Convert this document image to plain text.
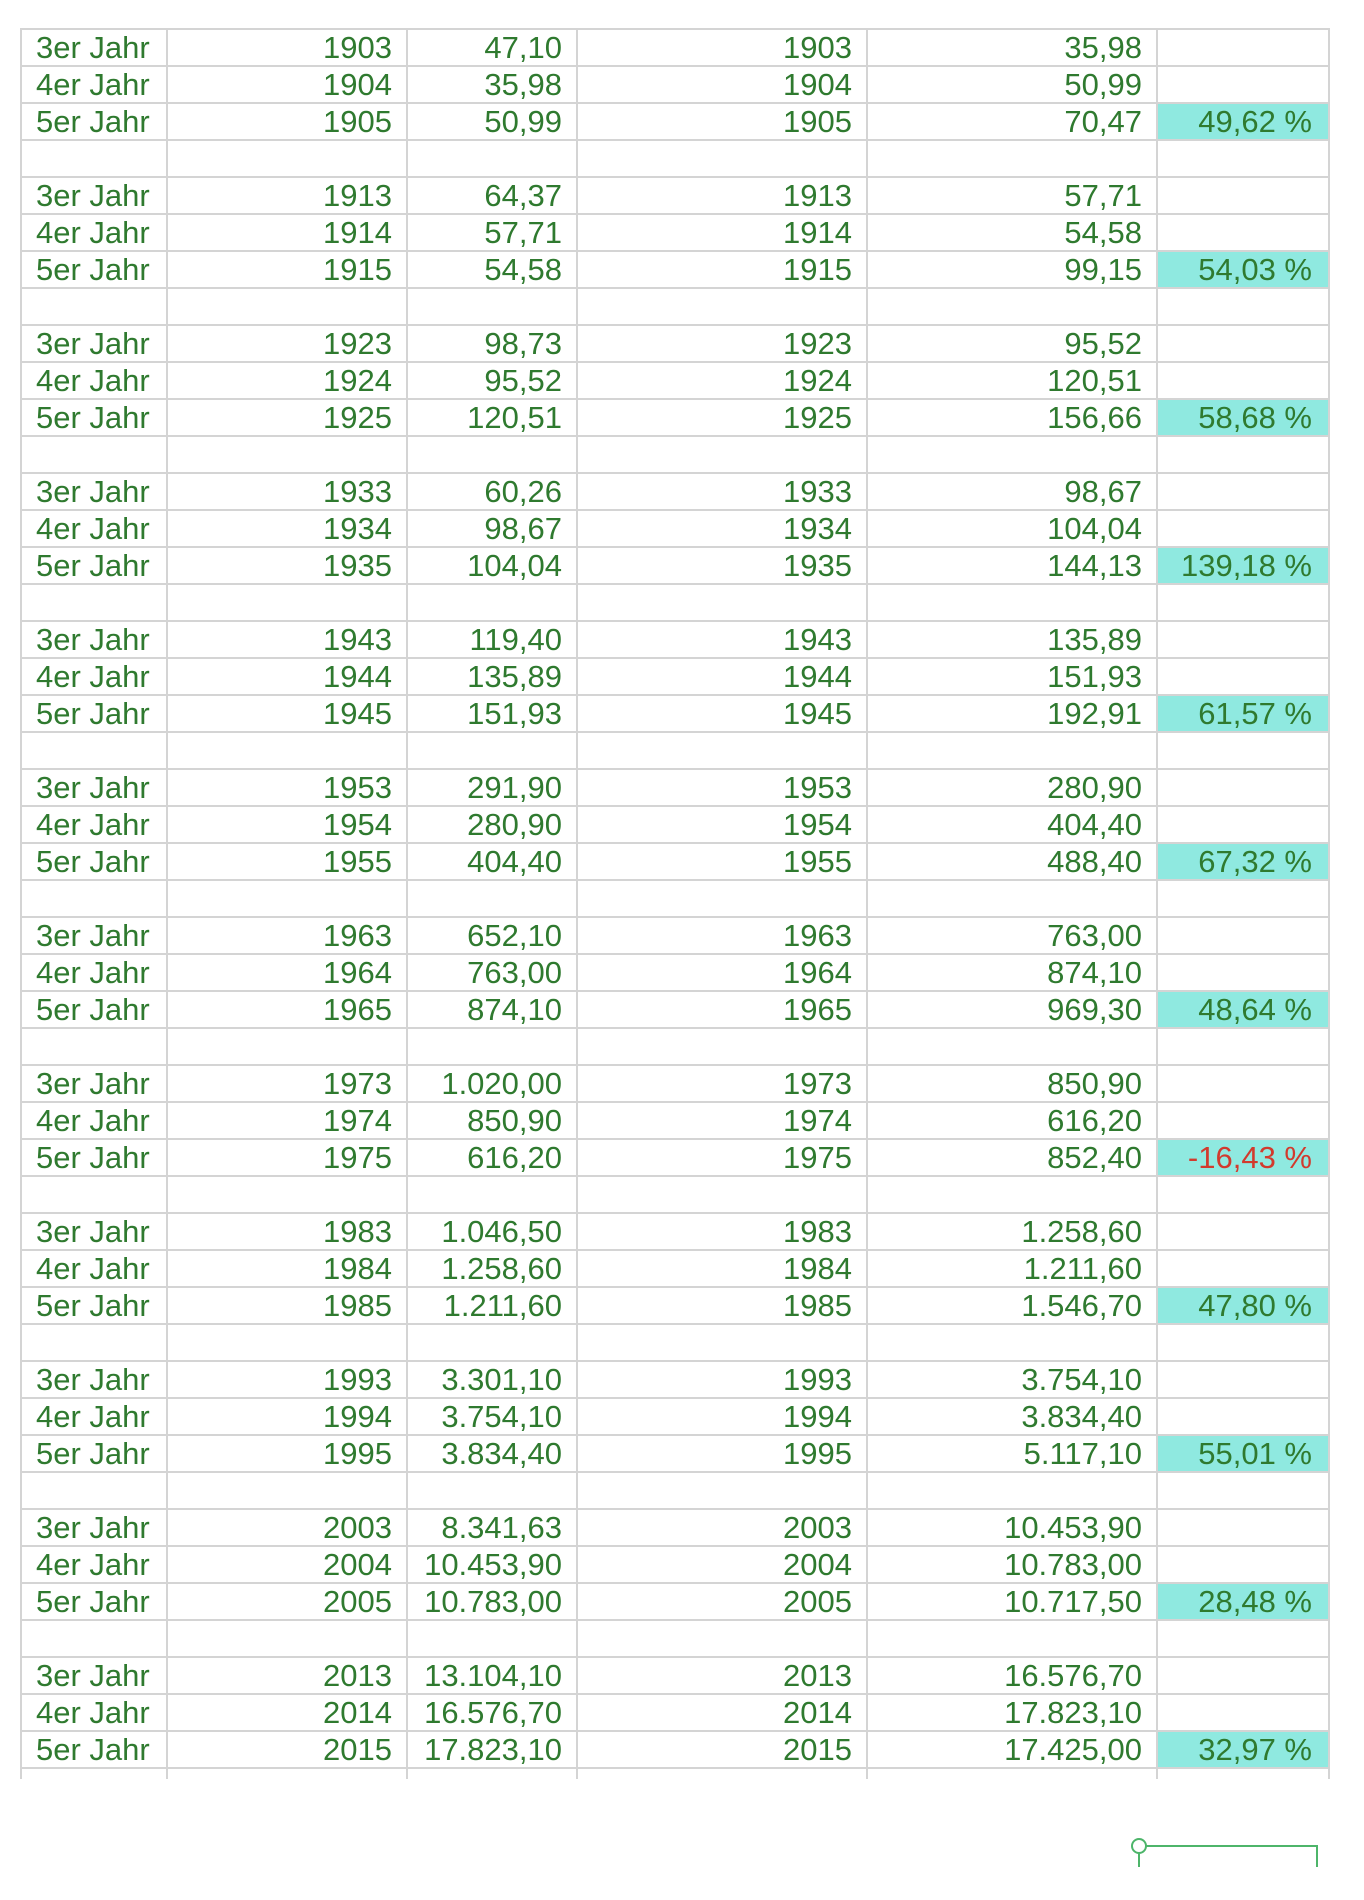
3er Jahr	1903	47,10	1903	35,98	
4er Jahr	1904	35,98	1904	50,99	
5er Jahr	1905	50,99	1905	70,47	49,62 %

3er Jahr	1913	64,37	1913	57,71	
4er Jahr	1914	57,71	1914	54,58	
5er Jahr	1915	54,58	1915	99,15	54,03 %

3er Jahr	1923	98,73	1923	95,52	
4er Jahr	1924	95,52	1924	120,51	
5er Jahr	1925	120,51	1925	156,66	58,68 %

3er Jahr	1933	60,26	1933	98,67	
4er Jahr	1934	98,67	1934	104,04	
5er Jahr	1935	104,04	1935	144,13	139,18 %

3er Jahr	1943	119,40	1943	135,89	
4er Jahr	1944	135,89	1944	151,93	
5er Jahr	1945	151,93	1945	192,91	61,57 %

3er Jahr	1953	291,90	1953	280,90	
4er Jahr	1954	280,90	1954	404,40	
5er Jahr	1955	404,40	1955	488,40	67,32 %

3er Jahr	1963	652,10	1963	763,00	
4er Jahr	1964	763,00	1964	874,10	
5er Jahr	1965	874,10	1965	969,30	48,64 %

3er Jahr	1973	1.020,00	1973	850,90	
4er Jahr	1974	850,90	1974	616,20	
5er Jahr	1975	616,20	1975	852,40	-16,43 %

3er Jahr	1983	1.046,50	1983	1.258,60	
4er Jahr	1984	1.258,60	1984	1.211,60	
5er Jahr	1985	1.211,60	1985	1.546,70	47,80 %

3er Jahr	1993	3.301,10	1993	3.754,10	
4er Jahr	1994	3.754,10	1994	3.834,40	
5er Jahr	1995	3.834,40	1995	5.117,10	55,01 %

3er Jahr	2003	8.341,63	2003	10.453,90	
4er Jahr	2004	10.453,90	2004	10.783,00	
5er Jahr	2005	10.783,00	2005	10.717,50	28,48 %

3er Jahr	2013	13.104,10	2013	16.576,70	
4er Jahr	2014	16.576,70	2014	17.823,10	
5er Jahr	2015	17.823,10	2015	17.425,00	32,97 %
